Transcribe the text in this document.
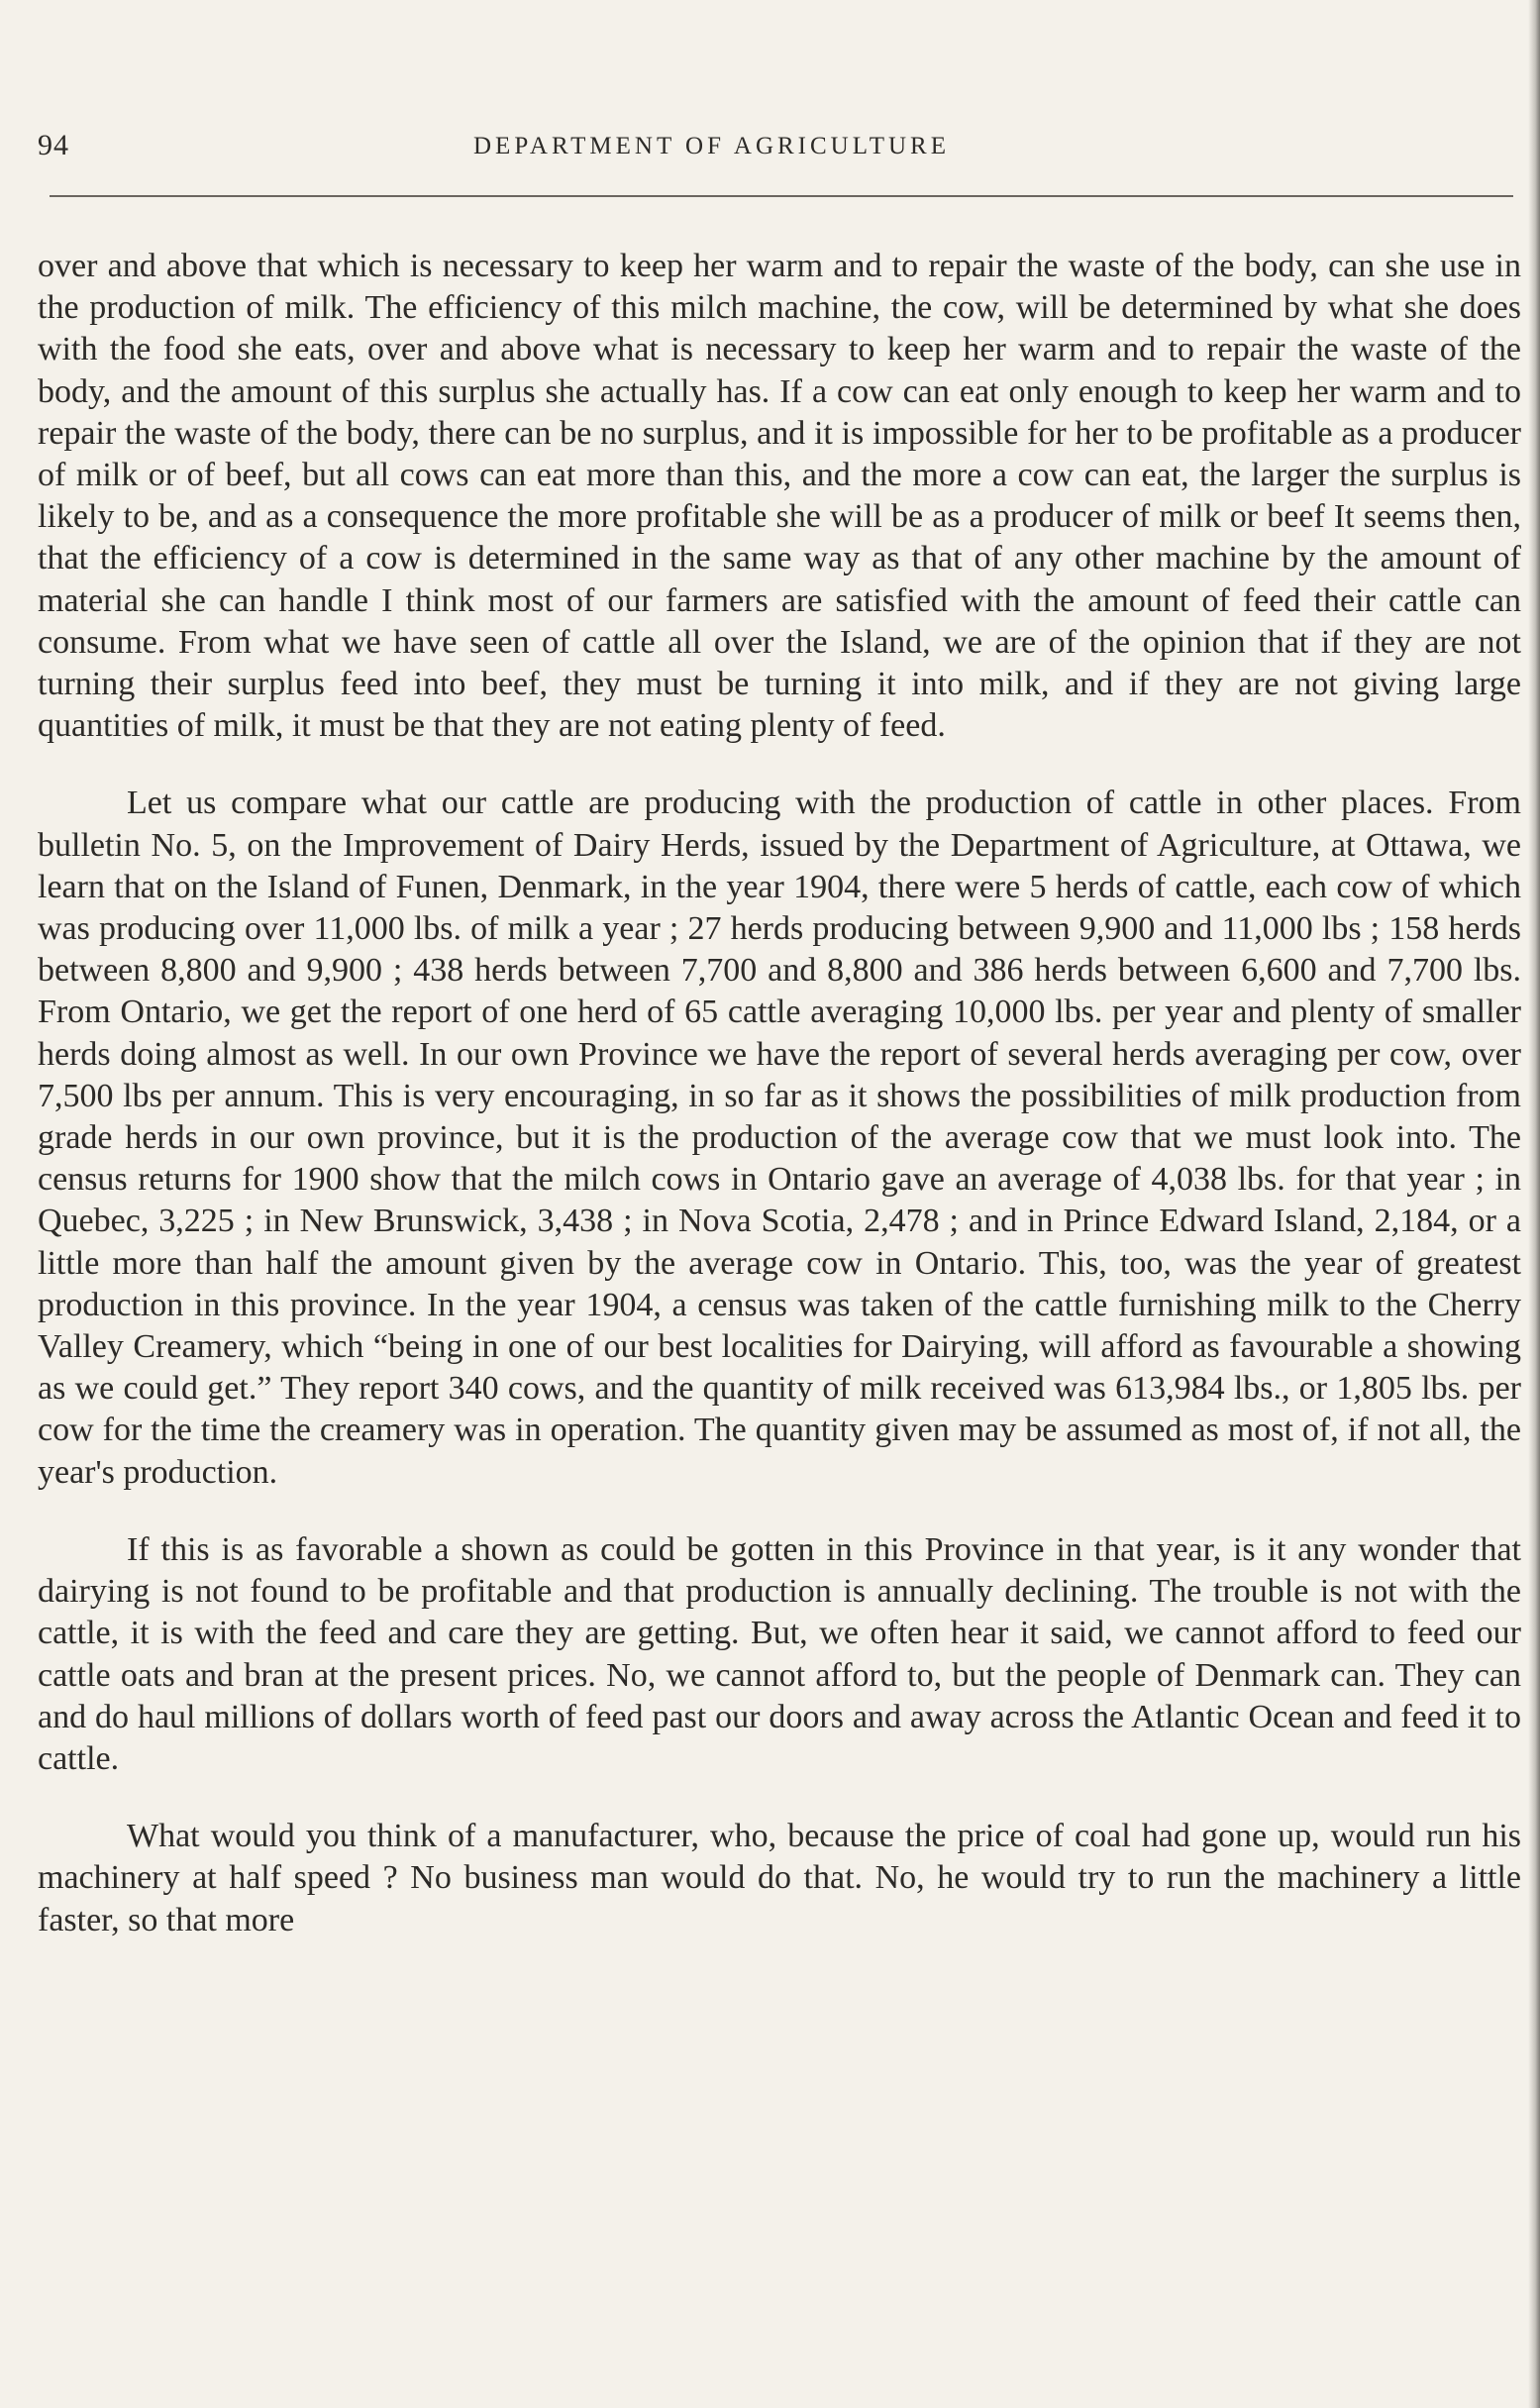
94	DEPARTMENT OF AGRICULTURE

over and above that which is necessary to keep her warm and to repair the waste of the body, can she use in the production of milk. The efficiency of this milch machine, the cow, will be determined by what she does with the food she eats, over and above what is necessary to keep her warm and to repair the waste of the body, and the amount of this surplus she actually has. If a cow can eat only enough to keep her warm and to repair the waste of the body, there can be no surplus, and it is impossible for her to be profitable as a producer of milk or of beef, but all cows can eat more than this, and the more a cow can eat, the larger the surplus is likely to be, and as a consequence the more profitable she will be as a producer of milk or beef It seems then, that the efficiency of a cow is determined in the same way as that of any other machine by the amount of material she can handle I think most of our farmers are satisfied with the amount of feed their cattle can consume. From what we have seen of cattle all over the Island, we are of the opinion that if they are not turning their surplus feed into beef, they must be turning it into milk, and if they are not giving large quantities of milk, it must be that they are not eating plenty of feed.

Let us compare what our cattle are producing with the production of cattle in other places. From bulletin No. 5, on the Improvement of Dairy Herds, issued by the Department of Agriculture, at Ottawa, we learn that on the Island of Funen, Denmark, in the year 1904, there were 5 herds of cattle, each cow of which was producing over 11,000 lbs. of milk a year ; 27 herds producing between 9,900 and 11,000 lbs ; 158 herds between 8,800 and 9,900 ; 438 herds between 7,700 and 8,800 and 386 herds between 6,600 and 7,700 lbs. From Ontario, we get the report of one herd of 65 cattle averaging 10,000 lbs. per year and plenty of smaller herds doing almost as well. In our own Province we have the report of several herds averaging per cow, over 7,500 lbs per annum. This is very encouraging, in so far as it shows the possibilities of milk production from grade herds in our own province, but it is the production of the average cow that we must look into. The census returns for 1900 show that the milch cows in Ontario gave an average of 4,038 lbs. for that year ; in Quebec, 3,225 ; in New Brunswick, 3,438 ; in Nova Scotia, 2,478 ; and in Prince Edward Island, 2,184, or a little more than half the amount given by the average cow in Ontario. This, too, was the year of greatest production in this province. In the year 1904, a census was taken of the cattle furnishing milk to the Cherry Valley Creamery, which “being in one of our best localities for Dairying, will afford as favourable a showing as we could get.” They report 340 cows, and the quantity of milk received was 613,984 lbs., or 1,805 lbs. per cow for the time the creamery was in operation. The quantity given may be assumed as most of, if not all, the year's production.

If this is as favorable a shown as could be gotten in this Province in that year, is it any wonder that dairying is not found to be profitable and that production is annually declining. The trouble is not with the cattle, it is with the feed and care they are getting. But, we often hear it said, we cannot afford to feed our cattle oats and bran at the present prices. No, we cannot afford to, but the people of Denmark can. They can and do haul millions of dollars worth of feed past our doors and away across the Atlantic Ocean and feed it to cattle.

What would you think of a manufacturer, who, because the price of coal had gone up, would run his machinery at half speed ? No business man would do that. No, he would try to run the machinery a little faster, so that more
